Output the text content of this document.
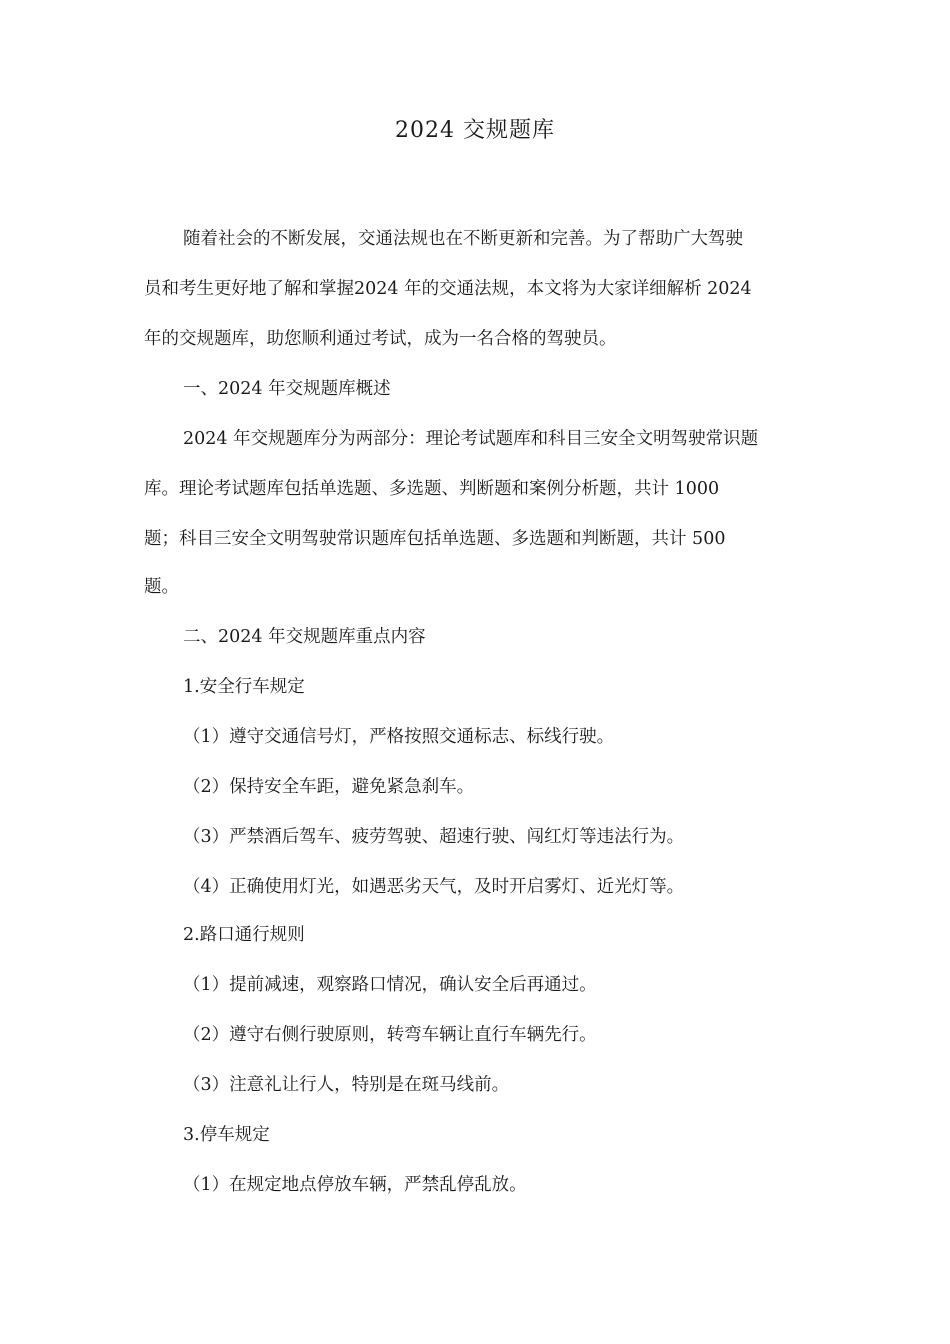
2024 交规题库
随着社会的不断发展，交通法规也在不断更新和完善。为了帮助广大驾驶
员和考生更好地了解和掌握2024 年的交通法规，本文将为大家详细解析 2024
年的交规题库，助您顺利通过考试，成为一名合格的驾驶员。
一、2024 年交规题库概述
2024 年交规题库分为两部分：理论考试题库和科目三安全文明驾驶常识题
库。理论考试题库包括单选题、多选题、判断题和案例分析题，共计 1000
题；科目三安全文明驾驶常识题库包括单选题、多选题和判断题，共计 500
题。
二、2024 年交规题库重点内容
1.安全行车规定
（1）遵守交通信号灯，严格按照交通标志、标线行驶。
（2）保持安全车距，避免紧急刹车。
（3）严禁酒后驾车、疲劳驾驶、超速行驶、闯红灯等违法行为。
（4）正确使用灯光，如遇恶劣天气，及时开启雾灯、近光灯等。
2.路口通行规则
（1）提前减速，观察路口情况，确认安全后再通过。
（2）遵守右侧行驶原则，转弯车辆让直行车辆先行。
（3）注意礼让行人，特别是在斑马线前。
3.停车规定
（1）在规定地点停放车辆，严禁乱停乱放。
